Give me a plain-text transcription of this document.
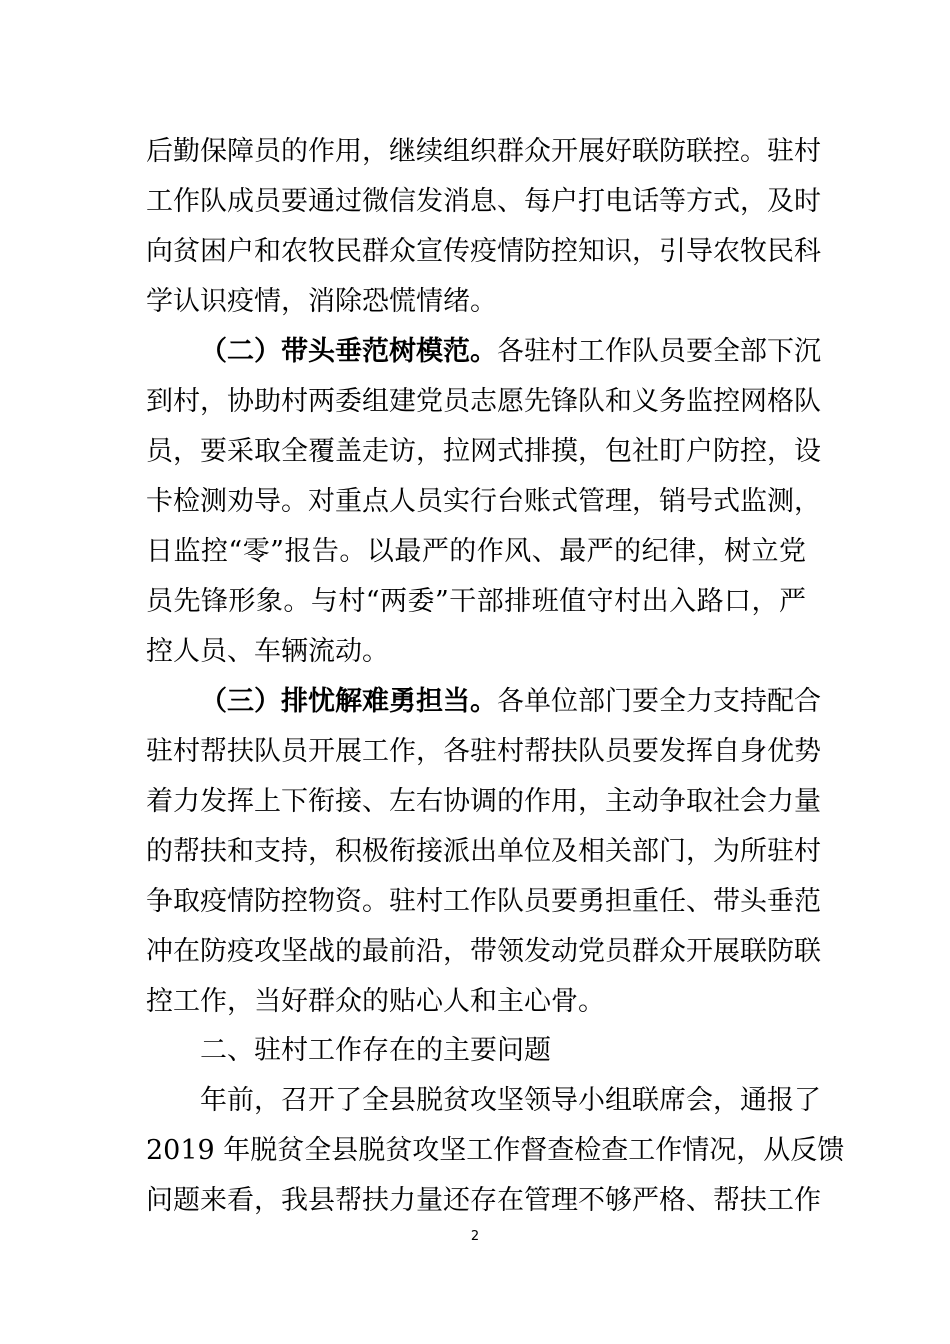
后勤保障员的作用，继续组织群众开展好联防联控。驻村
工作队成员要通过微信发消息、每户打电话等方式，及时
向贫困户和农牧民群众宣传疫情防控知识，引导农牧民科
学认识疫情，消除恐慌情绪。
（二）带头垂范树模范。各驻村工作队员要全部下沉
到村，协助村两委组建党员志愿先锋队和义务监控网格队
员，要采取全覆盖走访，拉网式排摸，包社盯户防控，设
卡检测劝导。对重点人员实行台账式管理，销号式监测，
日监控“零”报告。以最严的作风、最严的纪律，树立党
员先锋形象。与村“两委”干部排班值守村出入路口，严
控人员、车辆流动。
（三）排忧解难勇担当。各单位部门要全力支持配合
驻村帮扶队员开展工作，各驻村帮扶队员要发挥自身优势
着力发挥上下衔接、左右协调的作用，主动争取社会力量
的帮扶和支持，积极衔接派出单位及相关部门，为所驻村
争取疫情防控物资。驻村工作队员要勇担重任、带头垂范
冲在防疫攻坚战的最前沿，带领发动党员群众开展联防联
控工作，当好群众的贴心人和主心骨。
二、驻村工作存在的主要问题
年前，召开了全县脱贫攻坚领导小组联席会，通报了
2019 年脱贫全县脱贫攻坚工作督查检查工作情况，从反馈
问题来看，我县帮扶力量还存在管理不够严格、帮扶工作
2
